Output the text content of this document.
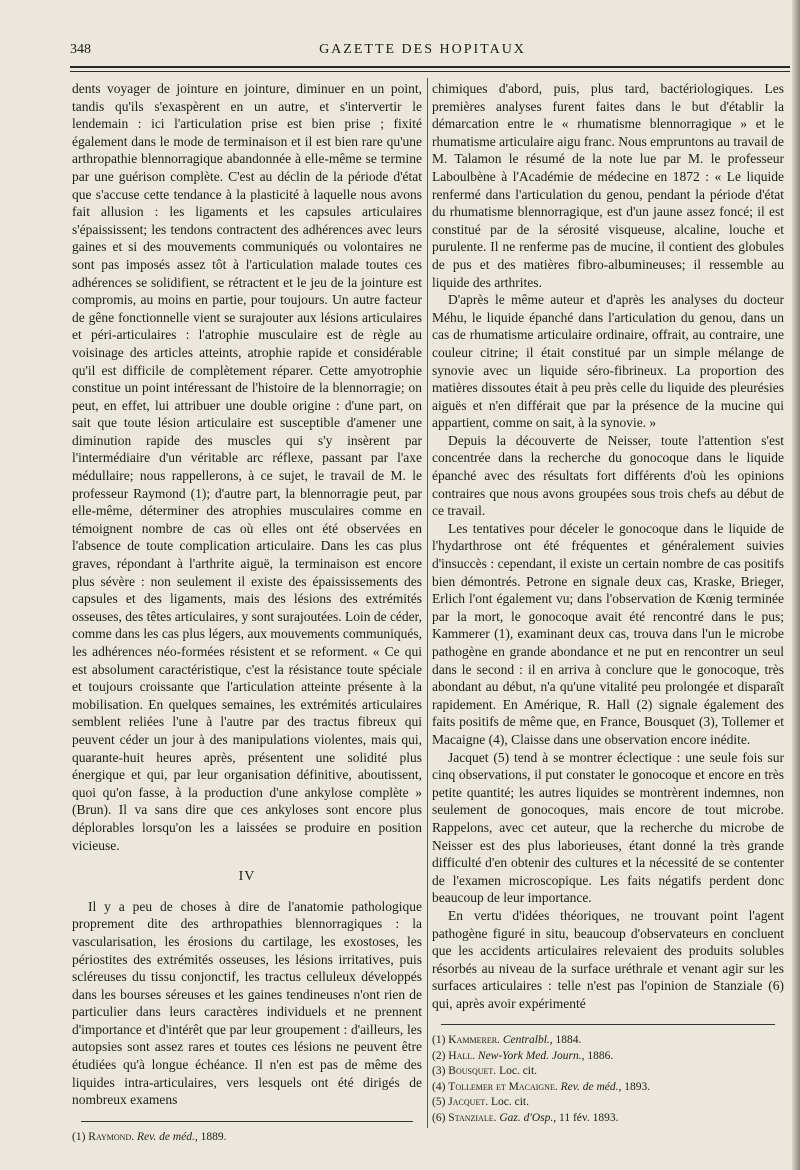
348	GAZETTE DES HOPITAUX

dents voyager de jointure en jointure, diminuer en un point, tandis qu'ils s'exaspèrent en un autre, et s'intervertir le lendemain : ici l'articulation prise est bien prise ; fixité également dans le mode de terminaison et il est bien rare qu'une arthropathie blennorragique abandonnée à elle-même se termine par une guérison complète. C'est au déclin de la période d'état que s'accuse cette tendance à la plasticité à laquelle nous avons fait allusion : les ligaments et les capsules articulaires s'épaississent; les tendons contractent des adhérences avec leurs gaines et si des mouvements communiqués ou volontaires ne sont pas imposés assez tôt à l'articulation malade toutes ces adhérences se solidifient, se rétractent et le jeu de la jointure est compromis, au moins en partie, pour toujours. Un autre facteur de gêne fonctionnelle vient se surajouter aux lésions articulaires et péri-articulaires : l'atrophie musculaire est de règle au voisinage des articles atteints, atrophie rapide et considérable qu'il est difficile de complètement réparer. Cette amyotrophie constitue un point intéressant de l'histoire de la blennorragie; on peut, en effet, lui attribuer une double origine : d'une part, on sait que toute lésion articulaire est susceptible d'amener une diminution rapide des muscles qui s'y insèrent par l'intermédiaire d'un véritable arc réflexe, passant par l'axe médullaire; nous rappellerons, à ce sujet, le travail de M. le professeur Raymond (1); d'autre part, la blennorragie peut, par elle-même, déterminer des atrophies musculaires comme en témoignent nombre de cas où elles ont été observées en l'absence de toute complication articulaire. Dans les cas plus graves, répondant à l'arthrite aiguë, la terminaison est encore plus sévère : non seulement il existe des épaississements des capsules et des ligaments, mais des lésions des extrémités osseuses, des têtes articulaires, y sont surajoutées. Loin de céder, comme dans les cas plus légers, aux mouvements communiqués, les adhérences néo-formées résistent et se reforment. « Ce qui est absolument caractéristique, c'est la résistance toute spéciale et toujours croissante que l'articulation atteinte présente à la mobilisation. En quelques semaines, les extrémités articulaires semblent reliées l'une à l'autre par des tractus fibreux qui peuvent céder un jour à des manipulations violentes, mais qui, quarante-huit heures après, présentent une solidité plus énergique et qui, par leur organisation définitive, aboutissent, quoi qu'on fasse, à la production d'une ankylose complète » (Brun). Il va sans dire que ces ankyloses sont encore plus déplorables lorsqu'on les a laissées se produire en position vicieuse.

IV

Il y a peu de choses à dire de l'anatomie pathologique proprement dite des arthropathies blennorragiques : la vascularisation, les érosions du cartilage, les exostoses, les périostites des extrémités osseuses, les lésions irritatives, puis scléreuses du tissu conjonctif, les tractus celluleux développés dans les bourses séreuses et les gaines tendineuses n'ont rien de particulier dans leurs caractères individuels et ne prennent d'importance et d'intérêt que par leur groupement : d'ailleurs, les autopsies sont assez rares et toutes ces lésions ne peuvent être étudiées qu'à longue échéance. Il n'en est pas de même des liquides intra-articulaires, vers lesquels ont été dirigés de nombreux examens

(1) Raymond. Rev. de méd., 1889.

chimiques d'abord, puis, plus tard, bactériologiques. Les premières analyses furent faites dans le but d'établir la démarcation entre le « rhumatisme blennorragique » et le rhumatisme articulaire aigu franc. Nous empruntons au travail de M. Talamon le résumé de la note lue par M. le professeur Laboulbène à l'Académie de médecine en 1872 : « Le liquide renfermé dans l'articulation du genou, pendant la période d'état du rhumatisme blennorragique, est d'un jaune assez foncé; il est constitué par de la sérosité visqueuse, alcaline, louche et purulente. Il ne renferme pas de mucine, il contient des globules de pus et des matières fibro-albumineuses; il ressemble au liquide des arthrites.

D'après le même auteur et d'après les analyses du docteur Méhu, le liquide épanché dans l'articulation du genou, dans un cas de rhumatisme articulaire ordinaire, offrait, au contraire, une couleur citrine; il était constitué par un simple mélange de synovie avec un liquide séro-fibrineux. La proportion des matières dissoutes était à peu près celle du liquide des pleurésies aiguës et n'en différait que par la présence de la mucine qui appartient, comme on sait, à la synovie. »

Depuis la découverte de Neisser, toute l'attention s'est concentrée dans la recherche du gonocoque dans le liquide épanché avec des résultats fort différents d'où les opinions contraires que nous avons groupées sous trois chefs au début de ce travail.

Les tentatives pour déceler le gonocoque dans le liquide de l'hydarthrose ont été fréquentes et généralement suivies d'insuccès : cependant, il existe un certain nombre de cas positifs bien démontrés. Petrone en signale deux cas, Kraske, Brieger, Erlich l'ont également vu; dans l'observation de Kœnig terminée par la mort, le gonocoque avait été rencontré dans le pus; Kammerer (1), examinant deux cas, trouva dans l'un le microbe pathogène en grande abondance et ne put en rencontrer un seul dans le second : il en arriva à conclure que le gonocoque, très abondant au début, n'a qu'une vitalité peu prolongée et disparaît rapidement. En Amérique, R. Hall (2) signale également des faits positifs de même que, en France, Bousquet (3), Tollemer et Macaigne (4), Claisse dans une observation encore inédite.

Jacquet (5) tend à se montrer éclectique : une seule fois sur cinq observations, il put constater le gonocoque et encore en très petite quantité; les autres liquides se montrèrent indemnes, non seulement de gonocoques, mais encore de tout microbe. Rappelons, avec cet auteur, que la recherche du microbe de Neisser est des plus laborieuses, étant donné la très grande difficulté d'en obtenir des cultures et la nécessité de se contenter de l'examen microscopique. Les faits négatifs perdent donc beaucoup de leur importance.

En vertu d'idées théoriques, ne trouvant point l'agent pathogène figuré in situ, beaucoup d'observateurs en concluent que les accidents articulaires relevaient des produits solubles résorbés au niveau de la surface uréthrale et venant agir sur les surfaces articulaires : telle n'est pas l'opinion de Stanziale (6) qui, après avoir expérimenté

(1) Kammerer. Centralbl., 1884.
(2) Hall. New-York Med. Journ., 1886.
(3) Bousquet. Loc. cit.
(4) Tollemer et Macaigne. Rev. de méd., 1893.
(5) Jacquet. Loc. cit.
(6) Stanziale. Gaz. d'Osp., 11 fév. 1893.
